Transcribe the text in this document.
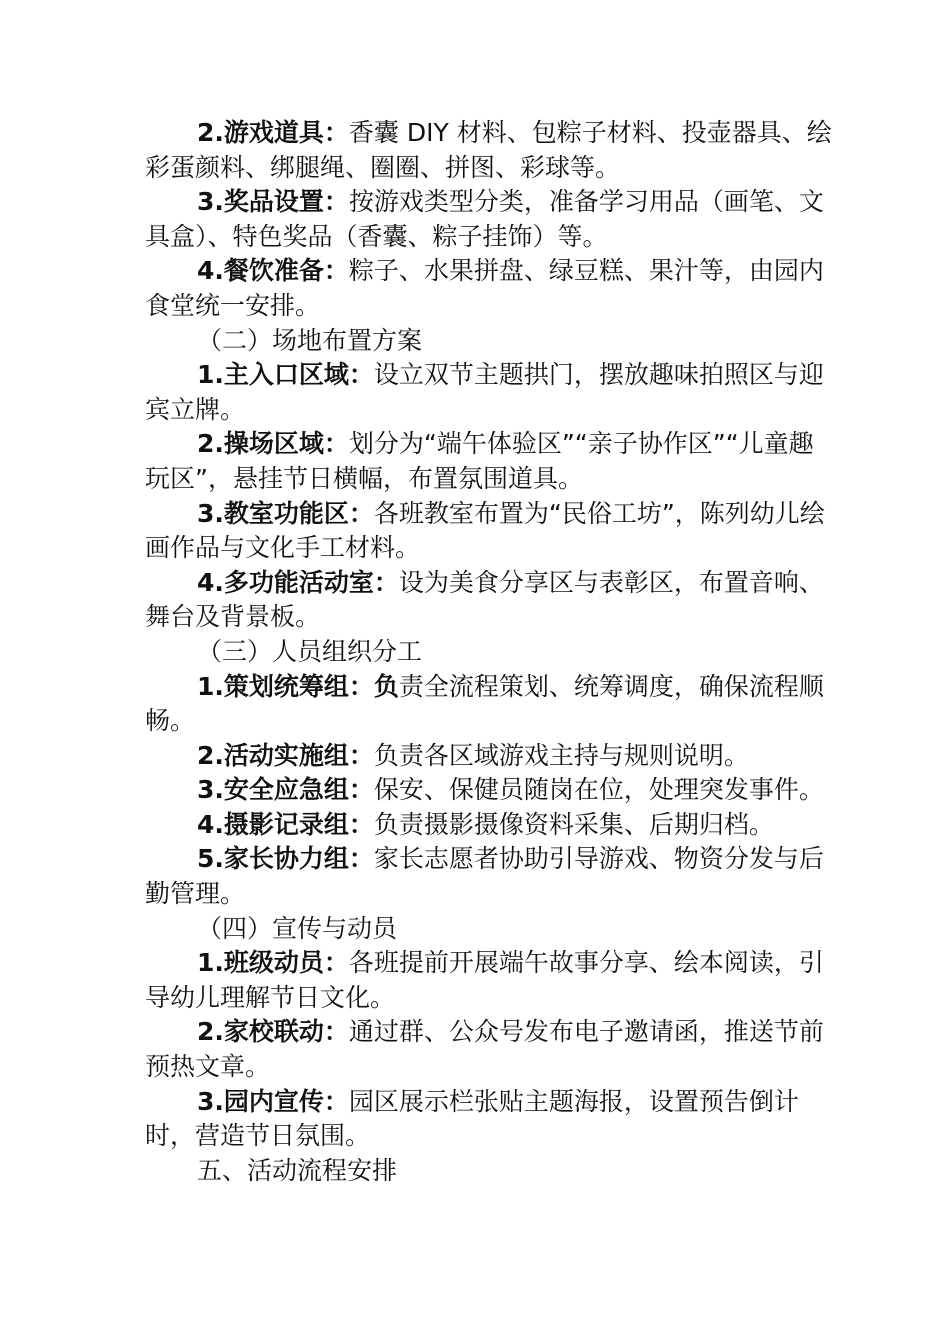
2.游戏道具：香囊 DIY 材料、包粽子材料、投壶器具、绘彩蛋颜料、绑腿绳、圈圈、拼图、彩球等。

3.奖品设置：按游戏类型分类，准备学习用品（画笔、文具盒）、特色奖品（香囊、粽子挂饰）等。

4.餐饮准备：粽子、水果拼盘、绿豆糕、果汁等，由园内食堂统一安排。

（二）场地布置方案

1.主入口区域：设立双节主题拱门，摆放趣味拍照区与迎宾立牌。

2.操场区域：划分为“端午体验区”“亲子协作区”“儿童趣玩区”，悬挂节日横幅，布置氛围道具。

3.教室功能区：各班教室布置为“民俗工坊”，陈列幼儿绘画作品与文化手工材料。

4.多功能活动室：设为美食分享区与表彰区，布置音响、舞台及背景板。

（三）人员组织分工

1.策划统筹组：负责全流程策划、统筹调度，确保流程顺畅。

2.活动实施组：负责各区域游戏主持与规则说明。

3.安全应急组：保安、保健员随岗在位，处理突发事件。

4.摄影记录组：负责摄影摄像资料采集、后期归档。

5.家长协力组：家长志愿者协助引导游戏、物资分发与后勤管理。

（四）宣传与动员

1.班级动员：各班提前开展端午故事分享、绘本阅读，引导幼儿理解节日文化。

2.家校联动：通过群、公众号发布电子邀请函，推送节前预热文章。

3.园内宣传：园区展示栏张贴主题海报，设置预告倒计时，营造节日氛围。

五、活动流程安排
